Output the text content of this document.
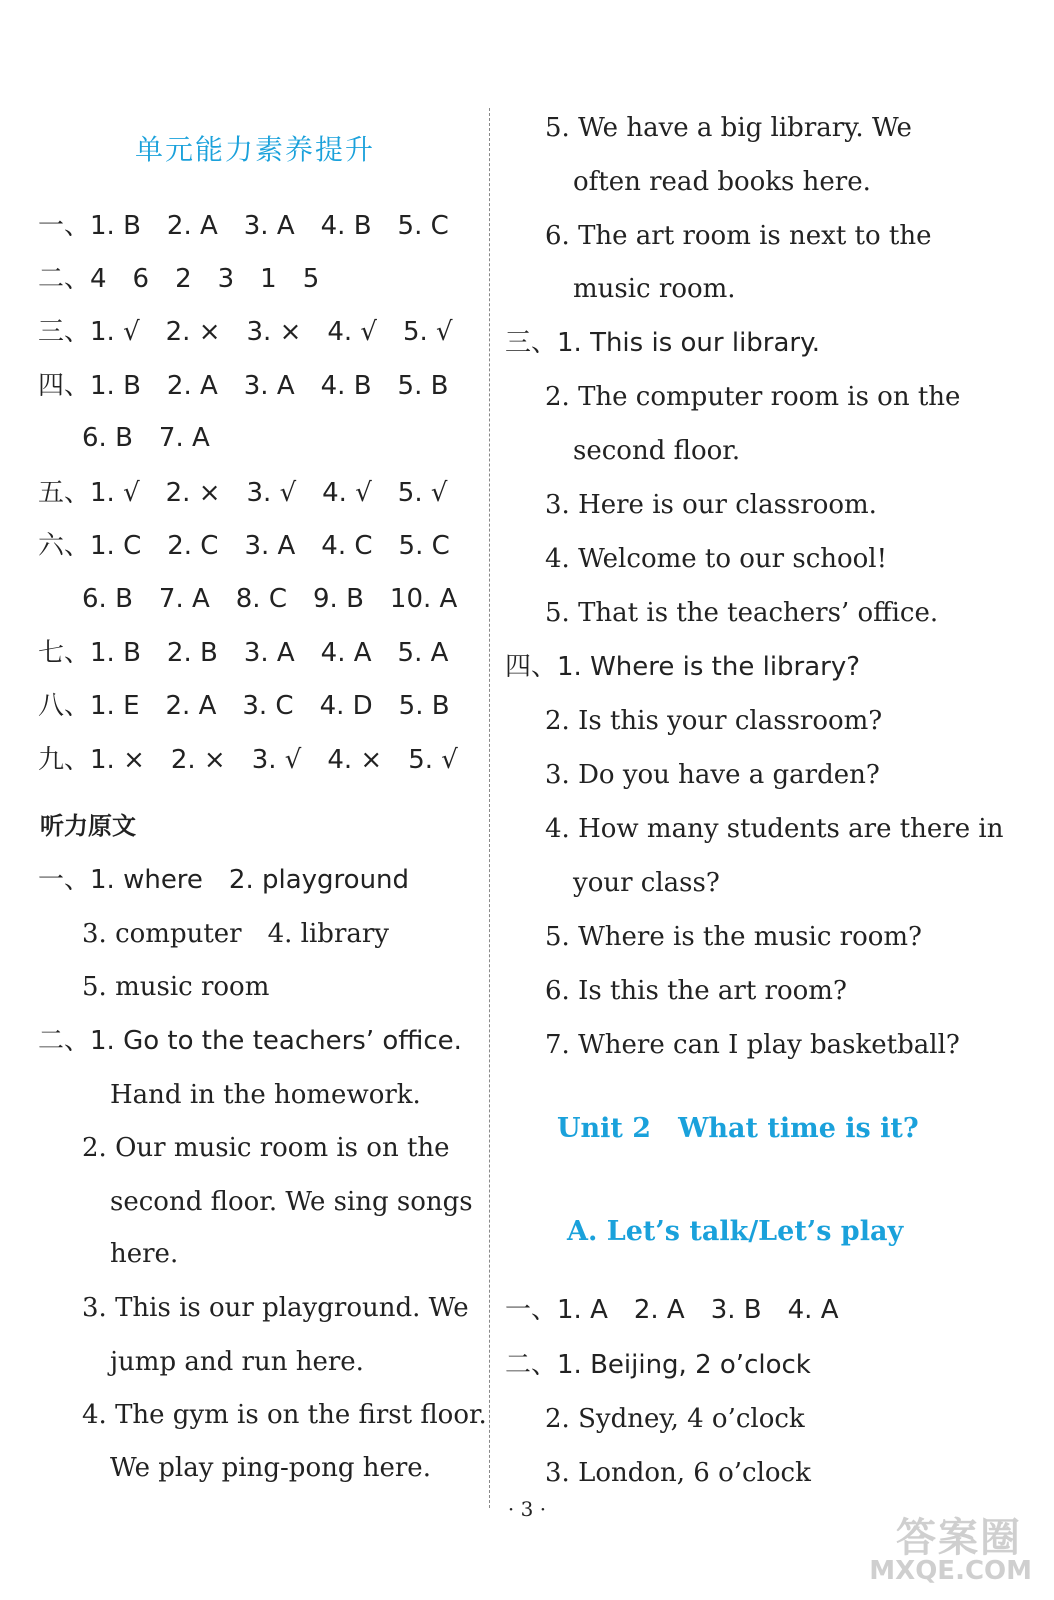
单元能力素养提升
一、1. B　2. A　3. A　4. B　5. C
二、4　6　2　3　1　5
三、1. √　2. ×　3. ×　4. √　5. √
四、1. B　2. A　3. A　4. B　5. B
6. B　7. A
五、1. √　2. ×　3. √　4. √　5. √
六、1. C　2. C　3. A　4. C　5. C
6. B　7. A　8. C　9. B　10. A
七、1. B　2. B　3. A　4. A　5. A
八、1. E　2. A　3. C　4. D　5. B
九、1. ×　2. ×　3. √　4. ×　5. √
听力原文
一、1. where　2. playground
3. computer　4. library
5. music room
二、1. Go to the teachers’ office.
Hand in the homework.
2. Our music room is on the
second floor. We sing songs
here.
3. This is our playground. We
jump and run here.
4. The gym is on the first floor.
We play ping-pong here.
5. We have a big library. We
often read books here.
6. The art room is next to the
music room.
三、1. This is our library.
2. The computer room is on the
second floor.
3. Here is our classroom.
4. Welcome to our school!
5. That is the teachers’ office.
四、1. Where is the library?
2. Is this your classroom?
3. Do you have a garden?
4. How many students are there in
your class?
5. Where is the music room?
6. Is this the art room?
7. Where can I play basketball?
Unit 2　What time is it?
A. Let’s talk/Let’s play
一、1. A　2. A　3. B　4. A
二、1. Beijing, 2 o’clock
2. Sydney, 4 o’clock
3. London, 6 o’clock
· 3 ·
答案圈
MXQE.COM
